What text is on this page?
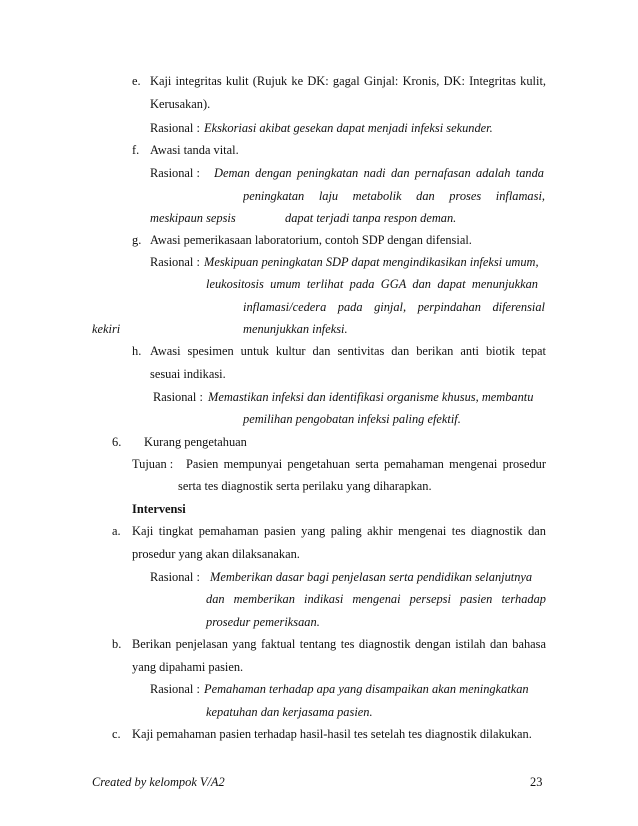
e. Kaji integritas kulit (Rujuk ke DK: gagal Ginjal: Kronis, DK: Integritas kulit,
Kerusakan).
Rasional : Ekskoriasi akibat gesekan dapat menjadi infeksi sekunder.
f. Awasi tanda vital.
Rasional : Deman dengan peningkatan nadi dan pernafasan adalah tanda
peningkatan laju metabolik dan proses inflamasi,
meskipaun sepsis	dapat terjadi tanpa respon deman.
g. Awasi pemerikasaan laboratorium, contoh SDP dengan difensial.
Rasional : Meskipuan peningkatan SDP dapat mengindikasikan infeksi umum,
leukositosis umum terlihat pada GGA dan dapat menunjukkan
inflamasi/cedera pada ginjal, perpindahan diferensial
kekiri	menunjukkan infeksi.
h. Awasi spesimen untuk kultur dan sentivitas dan berikan anti biotik tepat
sesuai indikasi.
Rasional : Memastikan infeksi dan identifikasi organisme khusus, membantu
pemilihan pengobatan infeksi paling efektif.
6. Kurang pengetahuan
Tujuan : Pasien mempunyai pengetahuan serta pemahaman mengenai prosedur
serta tes diagnostik serta perilaku yang diharapkan.
Intervensi
a. Kaji tingkat pemahaman pasien yang paling akhir mengenai tes diagnostik dan
prosedur yang akan dilaksanakan.
Rasional : Memberikan dasar bagi penjelasan serta pendidikan selanjutnya
dan memberikan indikasi mengenai persepsi pasien terhadap
prosedur pemeriksaan.
b. Berikan penjelasan yang faktual tentang tes diagnostik dengan istilah dan bahasa
yang dipahami pasien.
Rasional : Pemahaman terhadap apa yang disampaikan akan meningkatkan
kepatuhan dan kerjasama pasien.
c. Kaji pemahaman pasien terhadap hasil-hasil tes setelah tes diagnostik dilakukan.
Created by kelompok V/A2	23
